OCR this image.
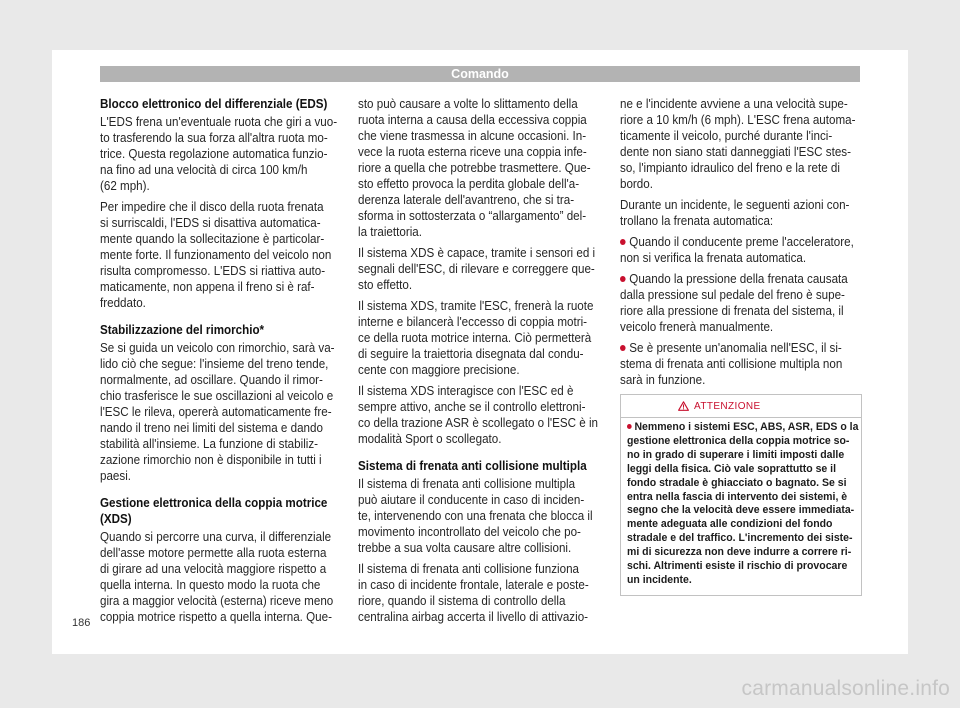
Comando
Blocco elettronico del differenziale (EDS)
L'EDS frena un'eventuale ruota che giri a vuo-
to trasferendo la sua forza all'altra ruota mo-
trice. Questa regolazione automatica funzio-
na fino ad una velocità di circa 100 km/h
(62 mph).
Per impedire che il disco della ruota frenata
si surriscaldi, l'EDS si disattiva automatica-
mente quando la sollecitazione è particolar-
mente forte. Il funzionamento del veicolo non
risulta compromesso. L'EDS si riattiva auto-
maticamente, non appena il freno si è raf-
freddato.
Stabilizzazione del rimorchio*
Se si guida un veicolo con rimorchio, sarà va-
lido ciò che segue: l'insieme del treno tende,
normalmente, ad oscillare. Quando il rimor-
chio trasferisce le sue oscillazioni al veicolo e
l'ESC le rileva, opererà automaticamente fre-
nando il treno nei limiti del sistema e dando
stabilità all'insieme. La funzione di stabiliz-
zazione rimorchio non è disponibile in tutti i
paesi.
Gestione elettronica della coppia motrice
(XDS)
Quando si percorre una curva, il differenziale
dell'asse motore permette alla ruota esterna
di girare ad una velocità maggiore rispetto a
quella interna. In questo modo la ruota che
gira a maggior velocità (esterna) riceve meno
coppia motrice rispetto a quella interna. Que-
sto può causare a volte lo slittamento della
ruota interna a causa della eccessiva coppia
che viene trasmessa in alcune occasioni. In-
vece la ruota esterna riceve una coppia infe-
riore a quella che potrebbe trasmettere. Que-
sto effetto provoca la perdita globale dell'a-
derenza laterale dell'avantreno, che si tra-
sforma in sottosterzata o “allargamento” del-
la traiettoria.
Il sistema XDS è capace, tramite i sensori ed i
segnali dell'ESC, di rilevare e correggere que-
sto effetto.
Il sistema XDS, tramite l'ESC, frenerà la ruote
interne e bilancerà l'eccesso di coppia motri-
ce della ruota motrice interna. Ciò permetterà
di seguire la traiettoria disegnata dal condu-
cente con maggiore precisione.
Il sistema XDS interagisce con l'ESC ed è
sempre attivo, anche se il controllo elettroni-
co della trazione ASR è scollegato o l'ESC è in
modalità Sport o scollegato.
Sistema di frenata anti collisione multipla
Il sistema di frenata anti collisione multipla
può aiutare il conducente in caso di inciden-
te, intervenendo con una frenata che blocca il
movimento incontrollato del veicolo che po-
trebbe a sua volta causare altre collisioni.
Il sistema di frenata anti collisione funziona
in caso di incidente frontale, laterale e poste-
riore, quando il sistema di controllo della
centralina airbag accerta il livello di attivazio-
ne e l'incidente avviene a una velocità supe-
riore a 10 km/h (6 mph). L'ESC frena automa-
ticamente il veicolo, purché durante l'inci-
dente non siano stati danneggiati l'ESC stes-
so, l'impianto idraulico del freno e la rete di
bordo.
Durante un incidente, le seguenti azioni con-
trollano la frenata automatica:
Quando il conducente preme l'acceleratore,
non si verifica la frenata automatica.
Quando la pressione della frenata causata
dalla pressione sul pedale del freno è supe-
riore alla pressione di frenata del sistema, il
veicolo frenerà manualmente.
Se è presente un'anomalia nell'ESC, il si-
stema di frenata anti collisione multipla non
sarà in funzione.
ATTENZIONE
Nemmeno i sistemi ESC, ABS, ASR, EDS o la
gestione elettronica della coppia motrice so-
no in grado di superare i limiti imposti dalle
leggi della fisica. Ciò vale soprattutto se il
fondo stradale è ghiacciato o bagnato. Se si
entra nella fascia di intervento dei sistemi, è
segno che la velocità deve essere immediata-
mente adeguata alle condizioni del fondo
stradale e del traffico. L'incremento dei siste-
mi di sicurezza non deve indurre a correre ri-
schi. Altrimenti esiste il rischio di provocare
un incidente.
186
carmanualsonline.info
